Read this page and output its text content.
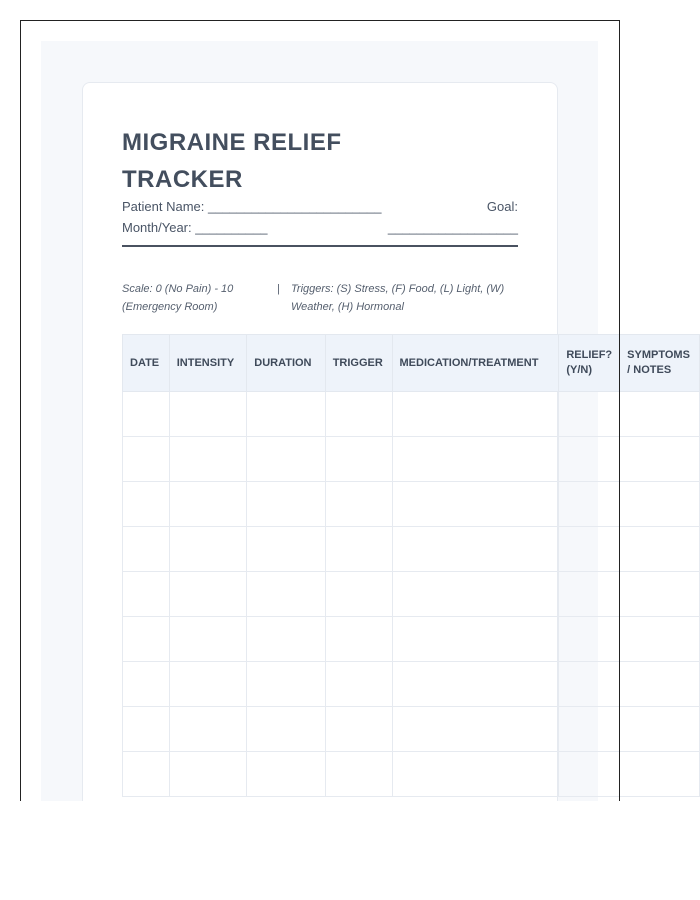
MIGRAINE RELIEF TRACKER
Patient Name: ________________________
Month/Year: __________
Goal:
__________________
Scale: 0 (No Pain) - 10 (Emergency Room)
| Triggers: (S) Stress, (F) Food, (L) Light, (W) Weather, (H) Hormonal
DATE	INTENSITY	DURATION	TRIGGER	MEDICATION/TREATMENT	RELIEF? (Y/N)	SYMPTOMS / NOTES
